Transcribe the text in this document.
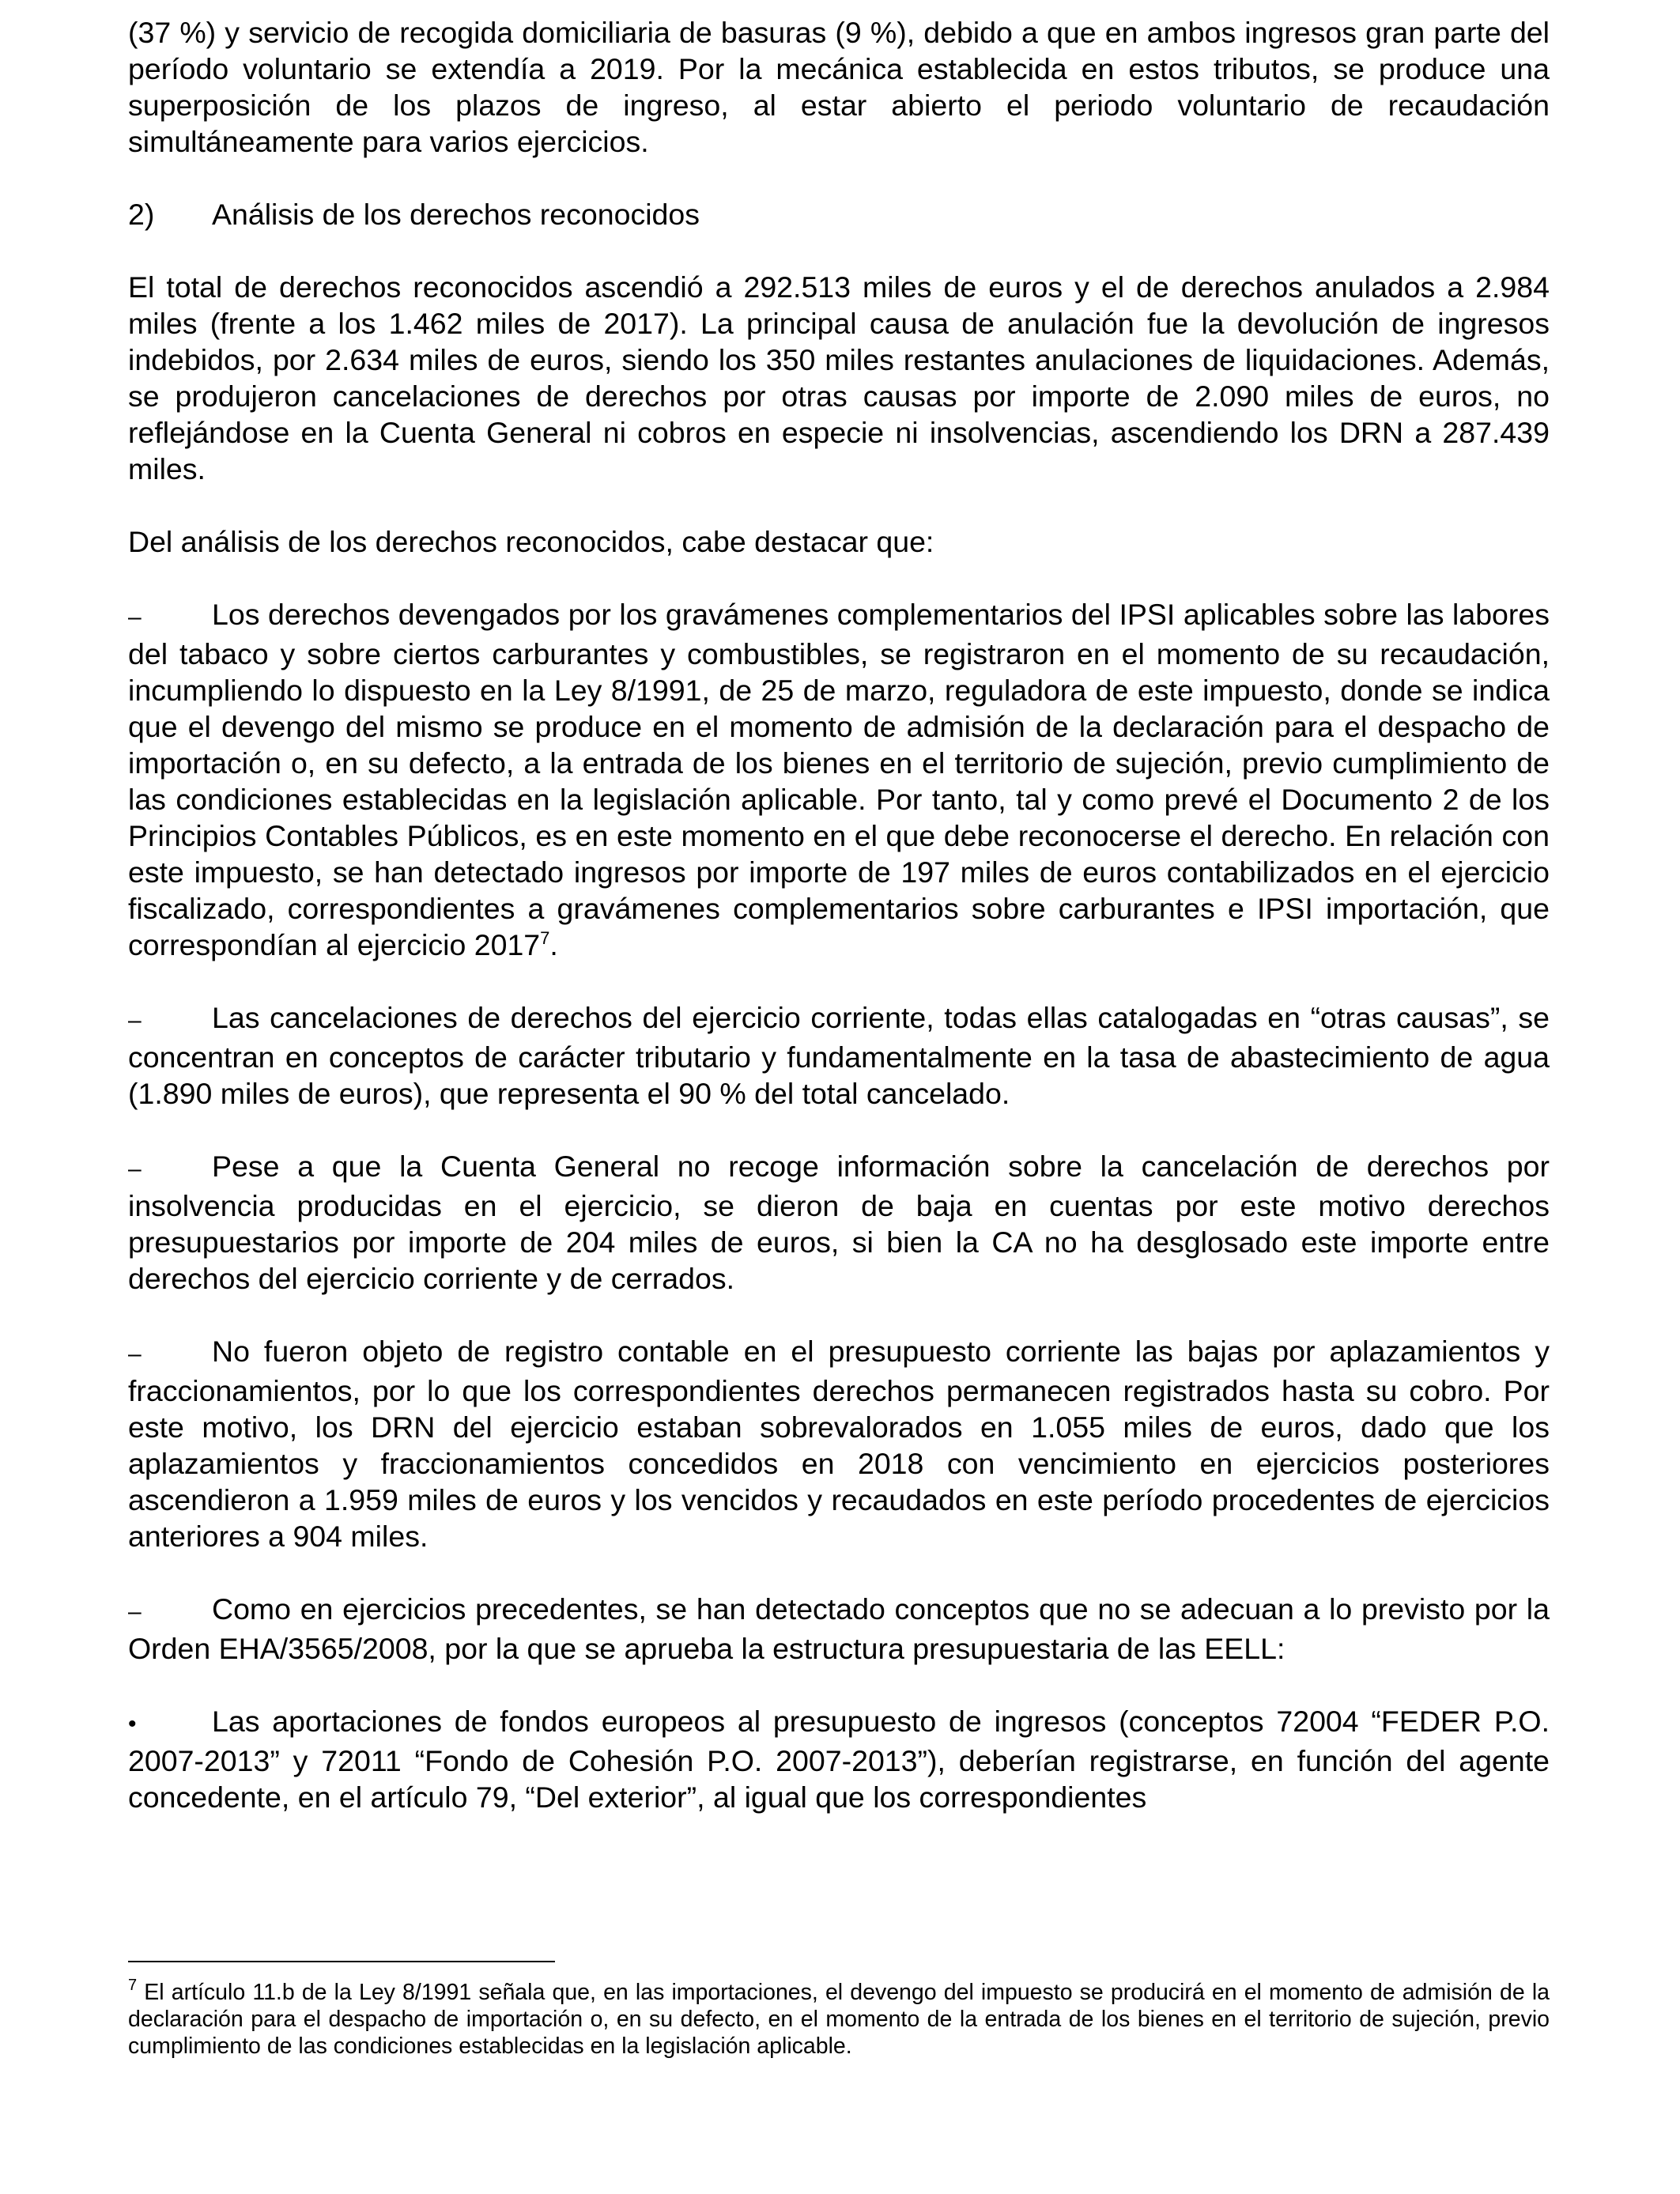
(37 %) y servicio de recogida domiciliaria de basuras (9 %), debido a que en ambos ingresos gran parte del período voluntario se extendía a 2019. Por la mecánica establecida en estos tributos, se produce una superposición de los plazos de ingreso, al estar abierto el periodo voluntario de recaudación simultáneamente para varios ejercicios.

2) Análisis de los derechos reconocidos

El total de derechos reconocidos ascendió a 292.513 miles de euros y el de derechos anulados a 2.984 miles (frente a los 1.462 miles de 2017). La principal causa de anulación fue la devolución de ingresos indebidos, por 2.634 miles de euros, siendo los 350 miles restantes anulaciones de liquidaciones. Además, se produjeron cancelaciones de derechos por otras causas por importe de 2.090 miles de euros, no reflejándose en la Cuenta General ni cobros en especie ni insolvencias, ascendiendo los DRN a 287.439 miles.

Del análisis de los derechos reconocidos, cabe destacar que:

– Los derechos devengados por los gravámenes complementarios del IPSI aplicables sobre las labores del tabaco y sobre ciertos carburantes y combustibles, se registraron en el momento de su recaudación, incumpliendo lo dispuesto en la Ley 8/1991, de 25 de marzo, reguladora de este impuesto, donde se indica que el devengo del mismo se produce en el momento de admisión de la declaración para el despacho de importación o, en su defecto, a la entrada de los bienes en el territorio de sujeción, previo cumplimiento de las condiciones establecidas en la legislación aplicable. Por tanto, tal y como prevé el Documento 2 de los Principios Contables Públicos, es en este momento en el que debe reconocerse el derecho. En relación con este impuesto, se han detectado ingresos por importe de 197 miles de euros contabilizados en el ejercicio fiscalizado, correspondientes a gravámenes complementarios sobre carburantes e IPSI importación, que correspondían al ejercicio 2017$^7$.

– Las cancelaciones de derechos del ejercicio corriente, todas ellas catalogadas en “otras causas”, se concentran en conceptos de carácter tributario y fundamentalmente en la tasa de abastecimiento de agua (1.890 miles de euros), que representa el 90 % del total cancelado.

– Pese a que la Cuenta General no recoge información sobre la cancelación de derechos por insolvencia producidas en el ejercicio, se dieron de baja en cuentas por este motivo derechos presupuestarios por importe de 204 miles de euros, si bien la CA no ha desglosado este importe entre derechos del ejercicio corriente y de cerrados.

– No fueron objeto de registro contable en el presupuesto corriente las bajas por aplazamientos y fraccionamientos, por lo que los correspondientes derechos permanecen registrados hasta su cobro. Por este motivo, los DRN del ejercicio estaban sobrevalorados en 1.055 miles de euros, dado que los aplazamientos y fraccionamientos concedidos en 2018 con vencimiento en ejercicios posteriores ascendieron a 1.959 miles de euros y los vencidos y recaudados en este período procedentes de ejercicios anteriores a 904 miles.

– Como en ejercicios precedentes, se han detectado conceptos que no se adecuan a lo previsto por la Orden EHA/3565/2008, por la que se aprueba la estructura presupuestaria de las EELL:

•	Las aportaciones de fondos europeos al presupuesto de ingresos (conceptos 72004 “FEDER P.O. 2007-2013” y 72011 “Fondo de Cohesión P.O. 2007-2013”), deberían registrarse, en función del agente concedente, en el artículo 79, “Del exterior”, al igual que los correspondientes

$^7$ El artículo 11.b de la Ley 8/1991 señala que, en las importaciones, el devengo del impuesto se producirá en el momento de admisión de la declaración para el despacho de importación o, en su defecto, en el momento de la entrada de los bienes en el territorio de sujeción, previo cumplimiento de las condiciones establecidas en la legislación aplicable.
